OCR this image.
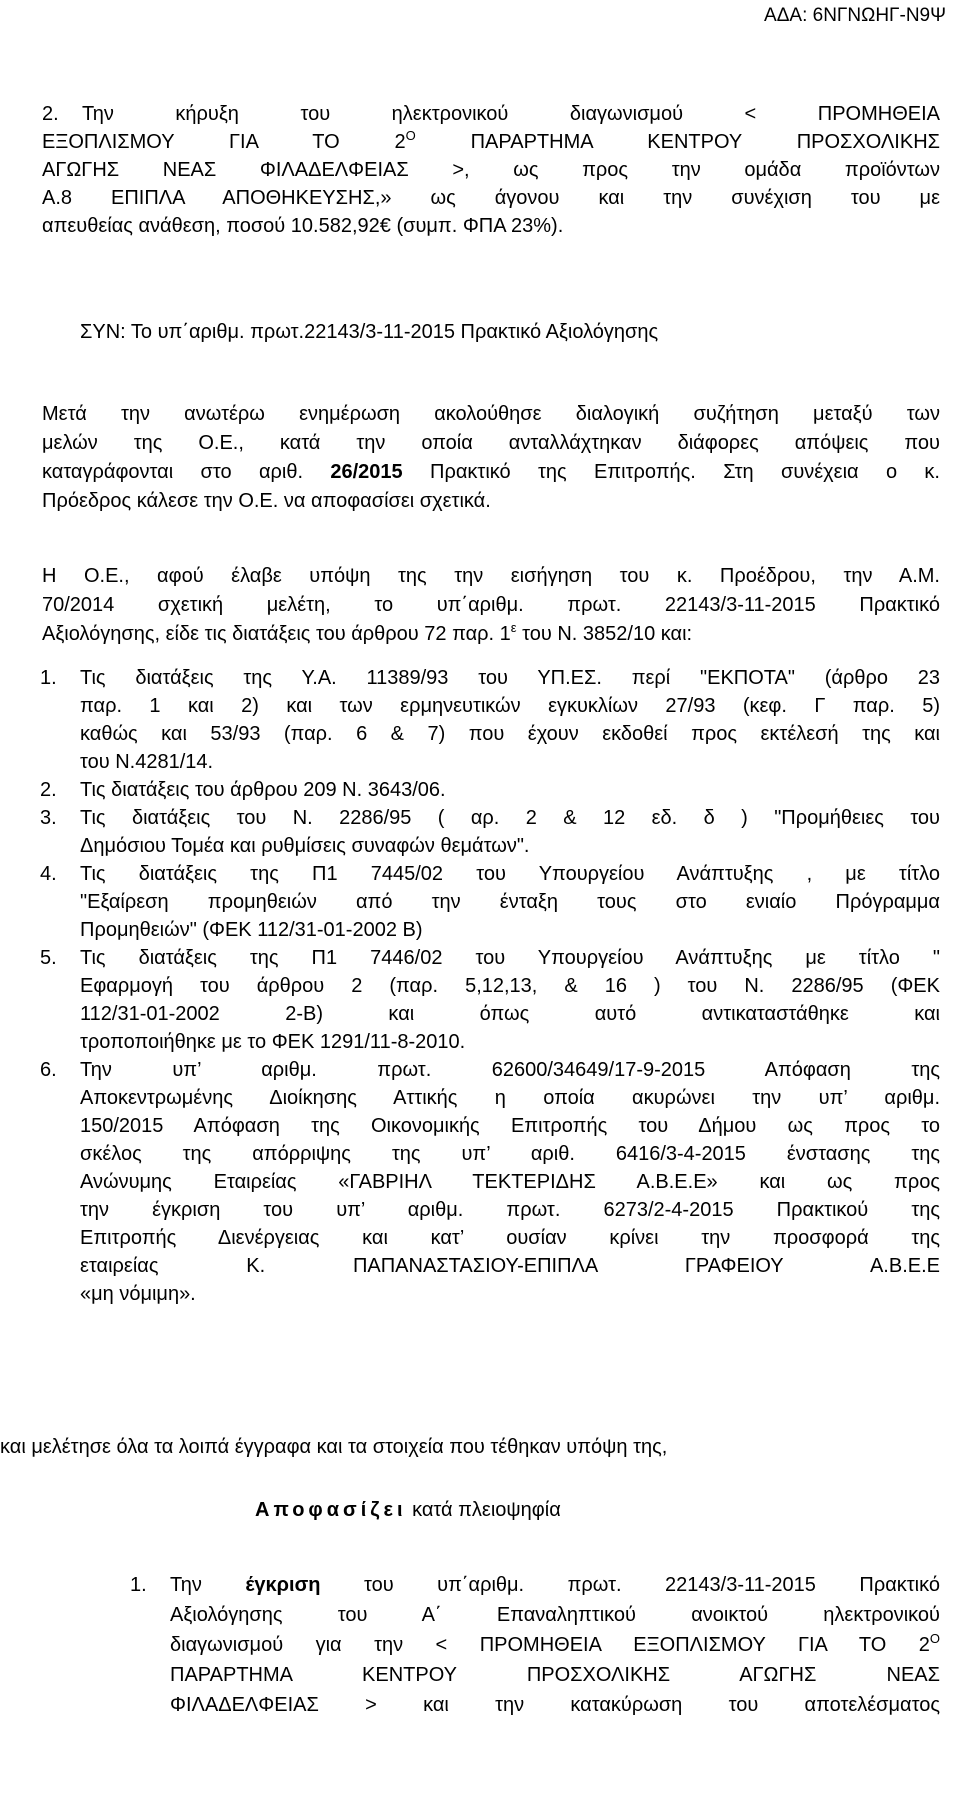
ΑΔΑ: 6ΝΓΝΩΗΓ-Ν9Ψ
2. Την κήρυξη του ηλεκτρονικού διαγωνισμού < ΠΡΟΜΗΘΕΙΑ

ΕΞΟΠΛΙΣΜΟΥ ΓΙΑ ΤΟ $2^O$ ΠΑΡΑΡΤΗΜΑ ΚΕΝΤΡΟΥ ΠΡΟΣΧΟΛΙΚΗΣ

ΑΓΩΓΗΣ ΝΕΑΣ ΦΙΛΑΔΕΛΦΕΙΑΣ >, ως προς την ομάδα προϊόντων

Α.8 ΕΠΙΠΛΑ ΑΠΟΘΗΚΕΥΣΗΣ,» ως άγονου και την συνέχιση του με

απευθείας ανάθεση, ποσού 10.582,92€ (συμπ. ΦΠΑ 23%).

ΣΥΝ: Το υπ΄αριθμ. πρωτ.22143/3-11-2015 Πρακτικό Αξιολόγησης

Μετά την ανωτέρω ενημέρωση ακολούθησε διαλογική συζήτηση μεταξύ των

μελών της Ο.Ε., κατά την οποία ανταλλάχτηκαν διάφορες απόψεις που

καταγράφονται στο αριθ. 26/2015 Πρακτικό της Επιτροπής. Στη συνέχεια ο κ.

Πρόεδρος κάλεσε την Ο.Ε. να αποφασίσει σχετικά.

Η Ο.Ε., αφού έλαβε υπόψη της την εισήγηση του κ. Προέδρου, την Α.Μ.

70/2014 σχετική μελέτη, το υπ΄αριθμ. πρωτ. 22143/3-11-2015 Πρακτικό

Αξιολόγησης, είδε τις διατάξεις του άρθρου 72 παρ. $1^\varepsilon$ του Ν. 3852/10 και:

1. Τις διατάξεις της Υ.Α. 11389/93 του ΥΠ.ΕΣ. περί "ΕΚΠΟΤΑ" (άρθρο 23

παρ. 1 και 2) και των ερμηνευτικών εγκυκλίων 27/93 (κεφ. Γ παρ. 5)

καθώς και 53/93 (παρ. 6 & 7) που έχουν εκδοθεί προς εκτέλεσή της και

του Ν.4281/14.

2. Τις διατάξεις του άρθρου 209 Ν. 3643/06.

3. Τις διατάξεις του Ν. 2286/95 ( αρ. 2 & 12 εδ. δ ) "Προμήθειες του

Δημόσιου Τομέα και ρυθμίσεις συναφών θεμάτων".

4. Τις διατάξεις της Π1 7445/02 του Υπουργείου Ανάπτυξης , με τίτλο

"Εξαίρεση προμηθειών από την ένταξη τους στο ενιαίο Πρόγραμμα

Προμηθειών" (ΦΕΚ 112/31-01-2002 Β)

5. Τις διατάξεις της Π1 7446/02 του Υπουργείου Ανάπτυξης με τίτλο "

Εφαρμογή του άρθρου 2 (παρ. 5,12,13, & 16 ) του Ν. 2286/95 (ΦΕΚ

112/31-01-2002 2-Β) και όπως αυτό αντικαταστάθηκε και

τροποποιήθηκε με το ΦΕΚ 1291/11-8-2010.

6. Την υπ’ αριθμ. πρωτ. 62600/34649/17-9-2015 Απόφαση της

Αποκεντρωμένης Διοίκησης Αττικής η οποία ακυρώνει την υπ’ αριθμ.

150/2015 Απόφαση της Οικονομικής Επιτροπής του Δήμου ως προς το

σκέλος της απόρριψης της υπ’ αριθ. 6416/3-4-2015 ένστασης της

Ανώνυμης Εταιρείας «ΓΑΒΡΙΗΛ ΤΕΚΤΕΡΙΔΗΣ Α.Β.Ε.Ε» και ως προς

την έγκριση του υπ’ αριθμ. πρωτ. 6273/2-4-2015 Πρακτικού της

Επιτροπής Διενέργειας και κατ’ ουσίαν κρίνει την προσφορά της

εταιρείας Κ. ΠΑΠΑΝΑΣΤΑΣΙΟΥ-ΕΠΙΠΛΑ ΓΡΑΦΕΙΟΥ Α.Β.Ε.Ε

«μη νόμιμη».

και μελέτησε όλα τα λοιπά έγγραφα και τα στοιχεία που τέθηκαν υπόψη της,
Αποφασίζει κατά πλειοψηφία
1. Την έγκριση του υπ΄αριθμ. πρωτ. 22143/3-11-2015 Πρακτικό

Αξιολόγησης του Α΄ Επαναληπτικού ανοικτού ηλεκτρονικού

διαγωνισμού για την < ΠΡΟΜΗΘΕΙΑ ΕΞΟΠΛΙΣΜΟΥ ΓΙΑ ΤΟ $2^O$

ΠΑΡΑΡΤΗΜΑ ΚΕΝΤΡΟΥ ΠΡΟΣΧΟΛΙΚΗΣ ΑΓΩΓΗΣ ΝΕΑΣ

ΦΙΛΑΔΕΛΦΕΙΑΣ > και την κατακύρωση του αποτελέσματος
